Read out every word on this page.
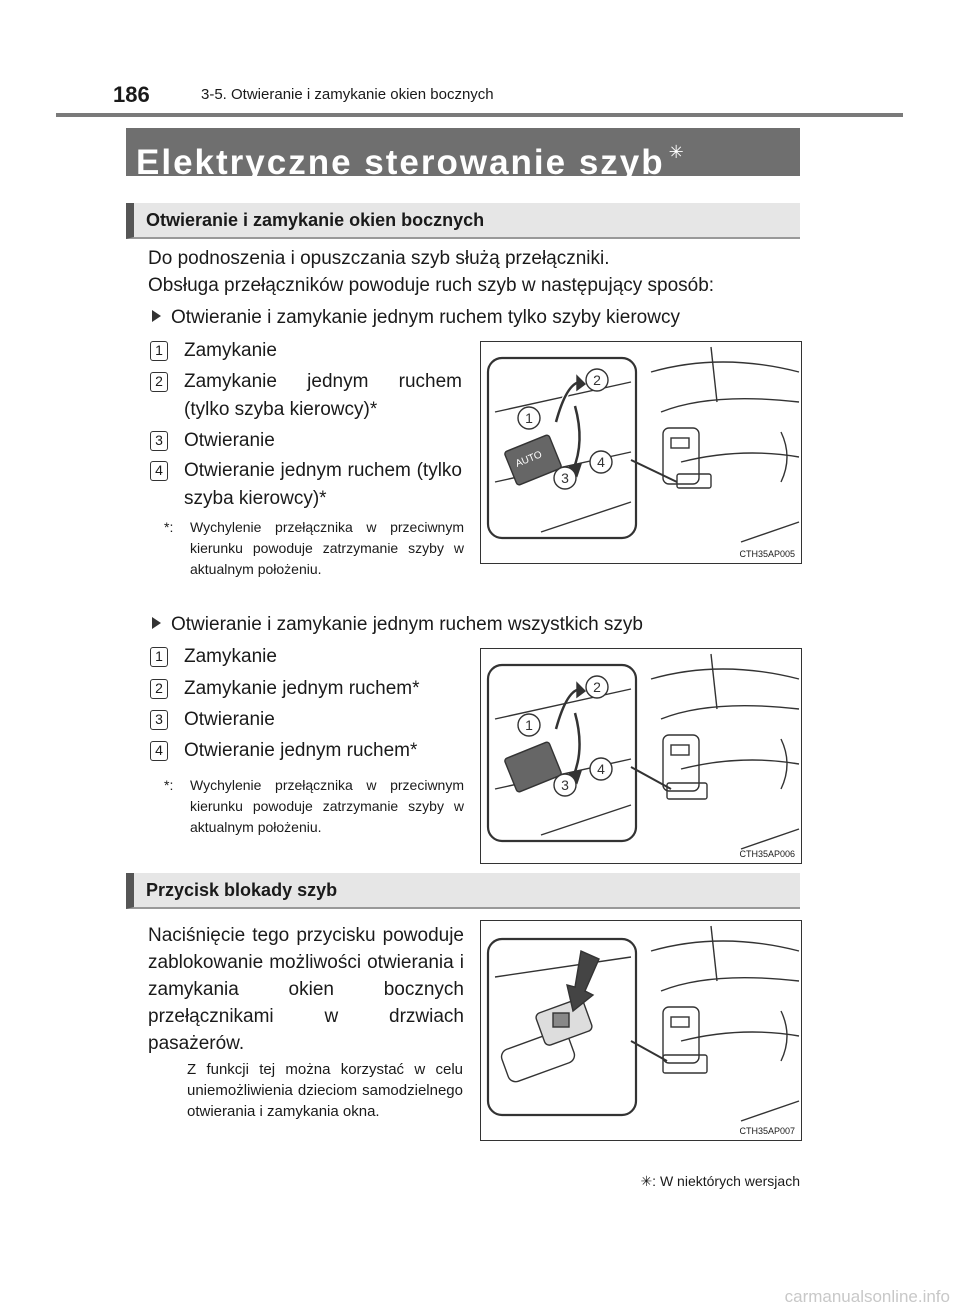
186	3-5. Otwieranie i zamykanie okien bocznych
Elektryczne sterowanie szyb ✳
Otwieranie i zamykanie okien bocznych
Do podnoszenia i opuszczania szyb służą przełączniki.
Obsługa przełączników powoduje ruch szyb w następujący sposób:
Otwieranie i zamykanie jednym ruchem tylko szyby kierowcy
1 Zamykanie
2 Zamykanie jednym ruchem (tylko szyba kierowcy)*
3 Otwieranie
4 Otwieranie jednym ruchem (tylko szyba kierowcy)*
*: Wychylenie przełącznika w przeciwnym kierunku powoduje zatrzymanie szyby w aktualnym położeniu.
2
1
3
4
AUTO
CTH35AP005
Otwieranie i zamykanie jednym ruchem wszystkich szyb
1 Zamykanie
2 Zamykanie jednym ruchem*
3 Otwieranie
4 Otwieranie jednym ruchem*
*: Wychylenie przełącznika w przeciwnym kierunku powoduje zatrzymanie szyby w aktualnym położeniu.
2
1
3
4
CTH35AP006
Przycisk blokady szyb
Naciśnięcie tego przycisku powoduje zablokowanie możliwości otwierania i zamykania okien bocznych przełącznikami w drzwiach pasażerów.
Z funkcji tej można korzystać w celu uniemożliwienia dzieciom samodzielnego otwierania i zamykania okna.
CTH35AP007
✳: W niektórych wersjach
carmanualsonline.info
